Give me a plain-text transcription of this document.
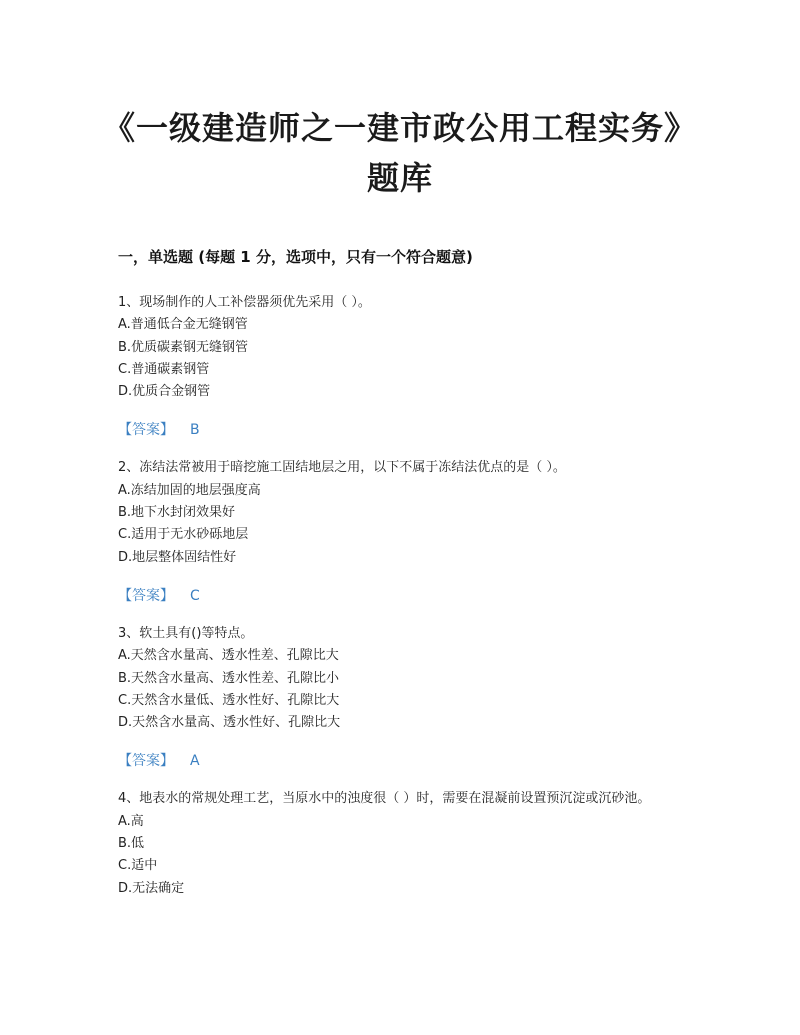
《一级建造师之一建市政公用工程实务》题库
一，单选题 (每题 1 分，选项中，只有一个符合题意)
1、现场制作的人工补偿器须优先采用（ ）。
A.普通低合金无缝钢管
B.优质碳素钢无缝钢管
C.普通碳素钢管
D.优质合金钢管
【答案】 B
2、冻结法常被用于暗挖施工固结地层之用，以下不属于冻结法优点的是（ ）。
A.冻结加固的地层强度高
B.地下水封闭效果好
C.适用于无水砂砾地层
D.地层整体固结性好
【答案】 C
3、软土具有()等特点。
A.天然含水量高、透水性差、孔隙比大
B.天然含水量高、透水性差、孔隙比小
C.天然含水量低、透水性好、孔隙比大
D.天然含水量高、透水性好、孔隙比大
【答案】 A
4、地表水的常规处理工艺，当原水中的浊度很（ ）时，需要在混凝前设置预沉淀或沉砂池。
A.高
B.低
C.适中
D.无法确定
